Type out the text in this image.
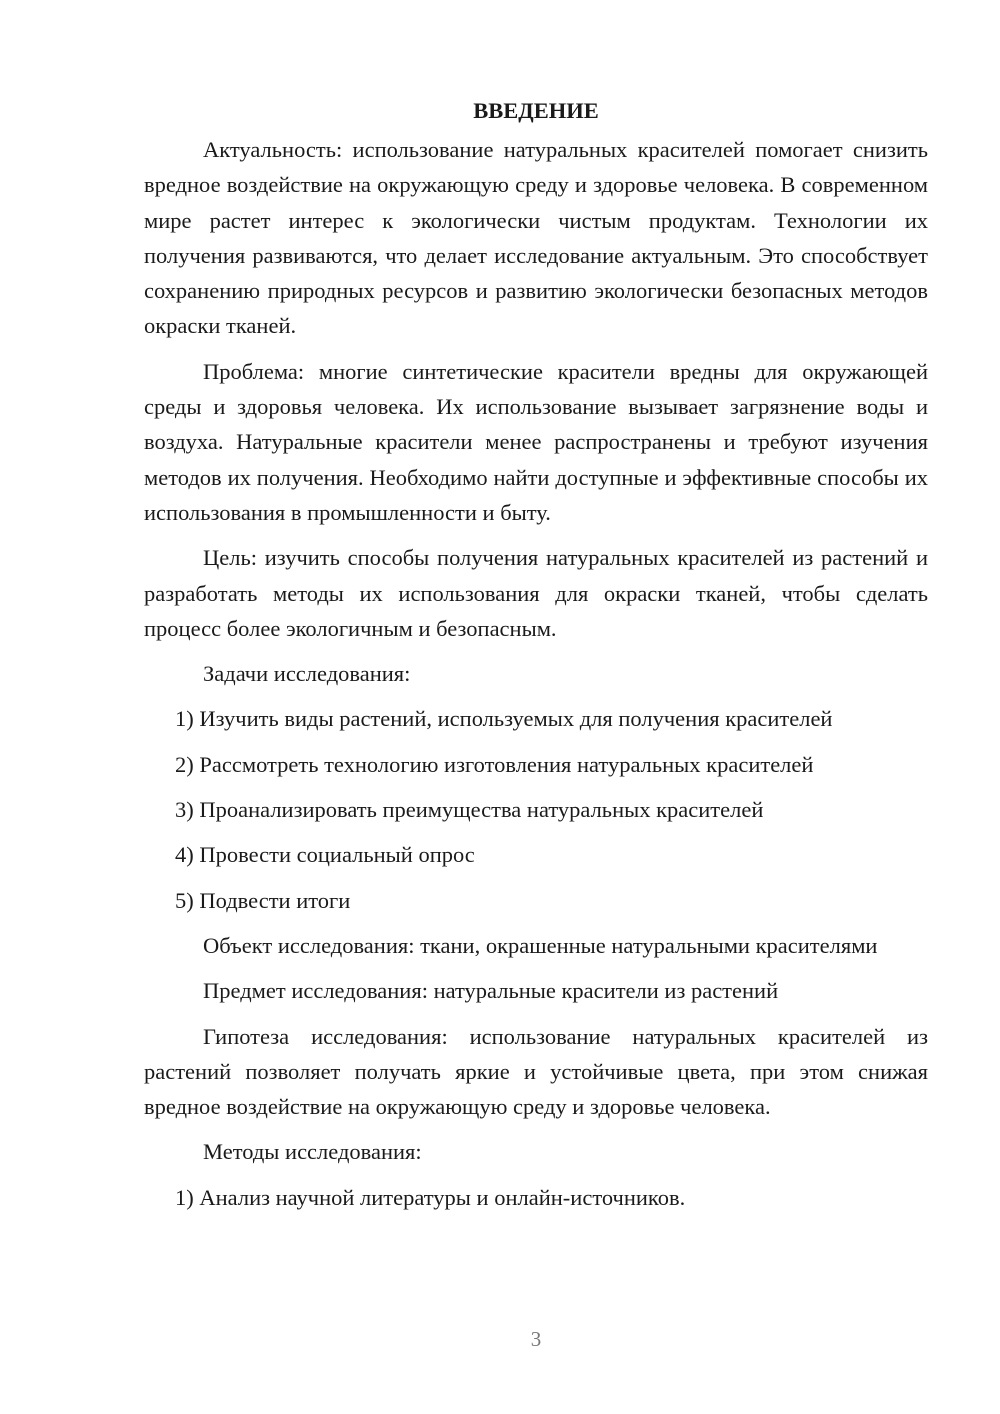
ВВЕДЕНИЕ

Актуальность: использование натуральных красителей помогает снизить вредное воздействие на окружающую среду и здоровье человека. В современном мире растет интерес к экологически чистым продуктам. Технологии их получения развиваются, что делает исследование актуальным. Это способствует сохранению природных ресурсов и развитию экологически безопасных методов окраски тканей.

Проблема: многие синтетические красители вредны для окружающей среды и здоровья человека. Их использование вызывает загрязнение воды и воздуха. Натуральные красители менее распространены и требуют изучения методов их получения. Необходимо найти доступные и эффективные способы их использования в промышленности и быту.

Цель: изучить способы получения натуральных красителей из растений и разработать методы их использования для окраски тканей, чтобы сделать процесс более экологичным и безопасным.

Задачи исследования:
1) Изучить виды растений, используемых для получения красителей
2) Рассмотреть технологию изготовления натуральных красителей
3) Проанализировать преимущества натуральных красителей
4) Провести социальный опрос
5) Подвести итоги

Объект исследования: ткани, окрашенные натуральными красителями

Предмет исследования: натуральные красители из растений

Гипотеза исследования: использование натуральных красителей из растений позволяет получать яркие и устойчивые цвета, при этом снижая вредное воздействие на окружающую среду и здоровье человека.

Методы исследования:
1) Анализ научной литературы и онлайн-источников.
3
